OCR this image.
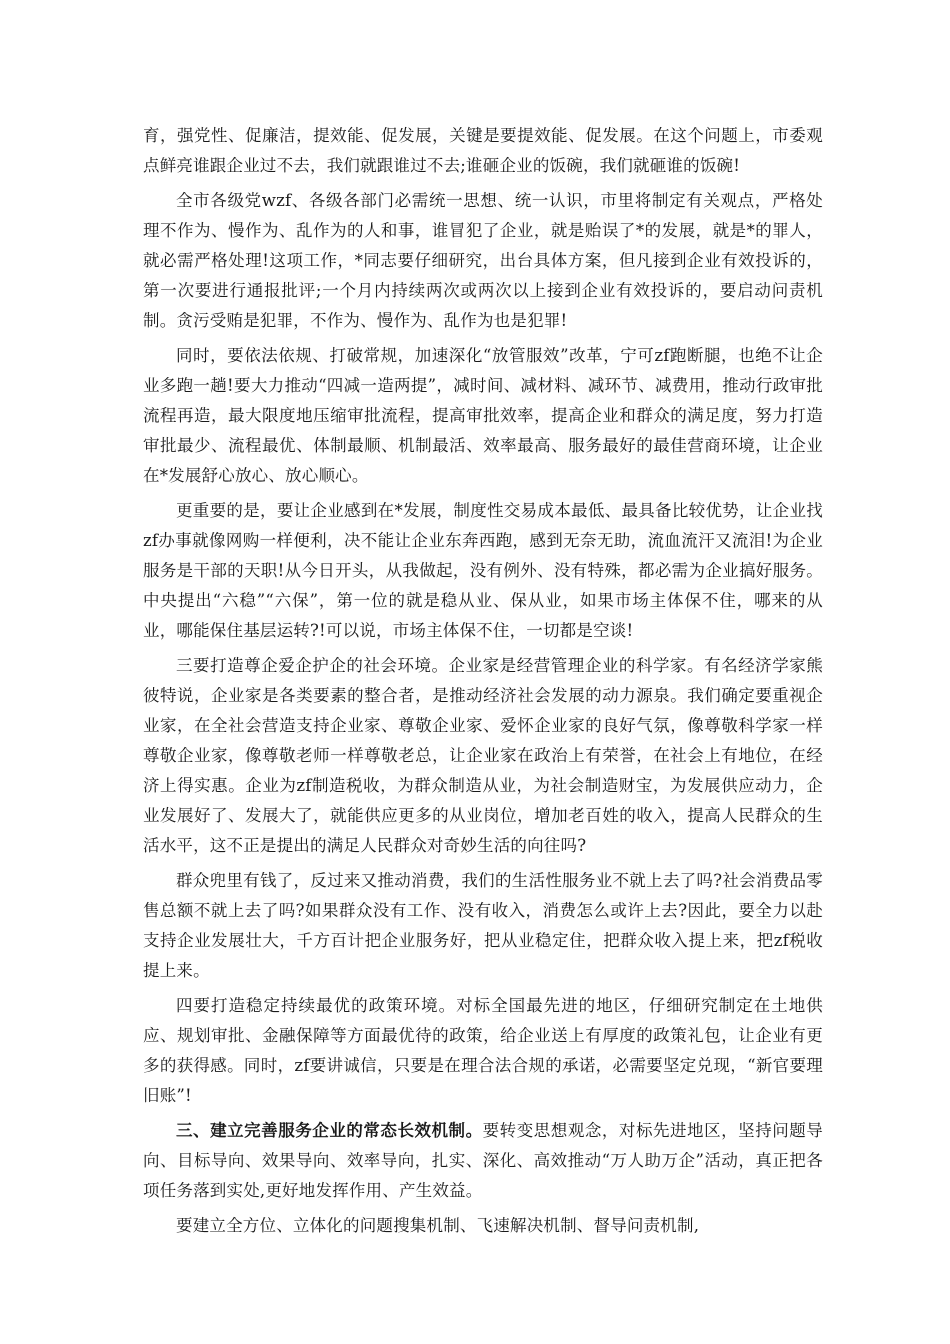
育，强党性、促廉洁，提效能、促发展，关键是要提效能、促发展。在这个问题上，市委观点鲜亮谁跟企业过不去，我们就跟谁过不去;谁砸企业的饭碗，我们就砸谁的饭碗!

全市各级党wzf、各级各部门必需统一思想、统一认识，市里将制定有关观点，严格处理不作为、慢作为、乱作为的人和事，谁冒犯了企业，就是贻误了*的发展，就是*的罪人，就必需严格处理!这项工作，*同志要仔细研究，出台具体方案，但凡接到企业有效投诉的，第一次要进行通报批评;一个月内持续两次或两次以上接到企业有效投诉的，要启动问责机制。贪污受贿是犯罪，不作为、慢作为、乱作为也是犯罪!

同时，要依法依规、打破常规，加速深化“放管服效”改革，宁可zf跑断腿，也绝不让企业多跑一趟!要大力推动“四减一造两提”，减时间、减材料、减环节、减费用，推动行政审批流程再造，最大限度地压缩审批流程，提高审批效率，提高企业和群众的满足度，努力打造审批最少、流程最优、体制最顺、机制最活、效率最高、服务最好的最佳营商环境，让企业在*发展舒心放心、放心顺心。

更重要的是，要让企业感到在*发展，制度性交易成本最低、最具备比较优势，让企业找zf办事就像网购一样便利，决不能让企业东奔西跑，感到无奈无助，流血流汗又流泪!为企业服务是干部的天职!从今日开头，从我做起，没有例外、没有特殊，都必需为企业搞好服务。中央提出“六稳”“六保”，第一位的就是稳从业、保从业，如果市场主体保不住，哪来的从业，哪能保住基层运转?!可以说，市场主体保不住，一切都是空谈!

三要打造尊企爱企护企的社会环境。企业家是经营管理企业的科学家。有名经济学家熊彼特说，企业家是各类要素的整合者，是推动经济社会发展的动力源泉。我们确定要重视企业家，在全社会营造支持企业家、尊敬企业家、爱怀企业家的良好气氛，像尊敬科学家一样尊敬企业家，像尊敬老师一样尊敬老总，让企业家在政治上有荣誉，在社会上有地位，在经济上得实惠。企业为zf制造税收，为群众制造从业，为社会制造财宝，为发展供应动力，企业发展好了、发展大了，就能供应更多的从业岗位，增加老百姓的收入，提高人民群众的生活水平，这不正是提出的满足人民群众对奇妙生活的向往吗?

群众兜里有钱了，反过来又推动消费，我们的生活性服务业不就上去了吗?社会消费品零售总额不就上去了吗?如果群众没有工作、没有收入，消费怎么或许上去?因此，要全力以赴支持企业发展壮大，千方百计把企业服务好，把从业稳定住，把群众收入提上来，把zf税收提上来。

四要打造稳定持续最优的政策环境。对标全国最先进的地区，仔细研究制定在土地供应、规划审批、金融保障等方面最优待的政策，给企业送上有厚度的政策礼包，让企业有更多的获得感。同时，zf要讲诚信，只要是在理合法合规的承诺，必需要坚定兑现，“新官要理旧账”!

三、建立完善服务企业的常态长效机制。要转变思想观念，对标先进地区，坚持问题导向、目标导向、效果导向、效率导向，扎实、深化、高效推动“万人助万企”活动，真正把各项任务落到实处,更好地发挥作用、产生效益。

要建立全方位、立体化的问题搜集机制、飞速解决机制、督导问责机制,
